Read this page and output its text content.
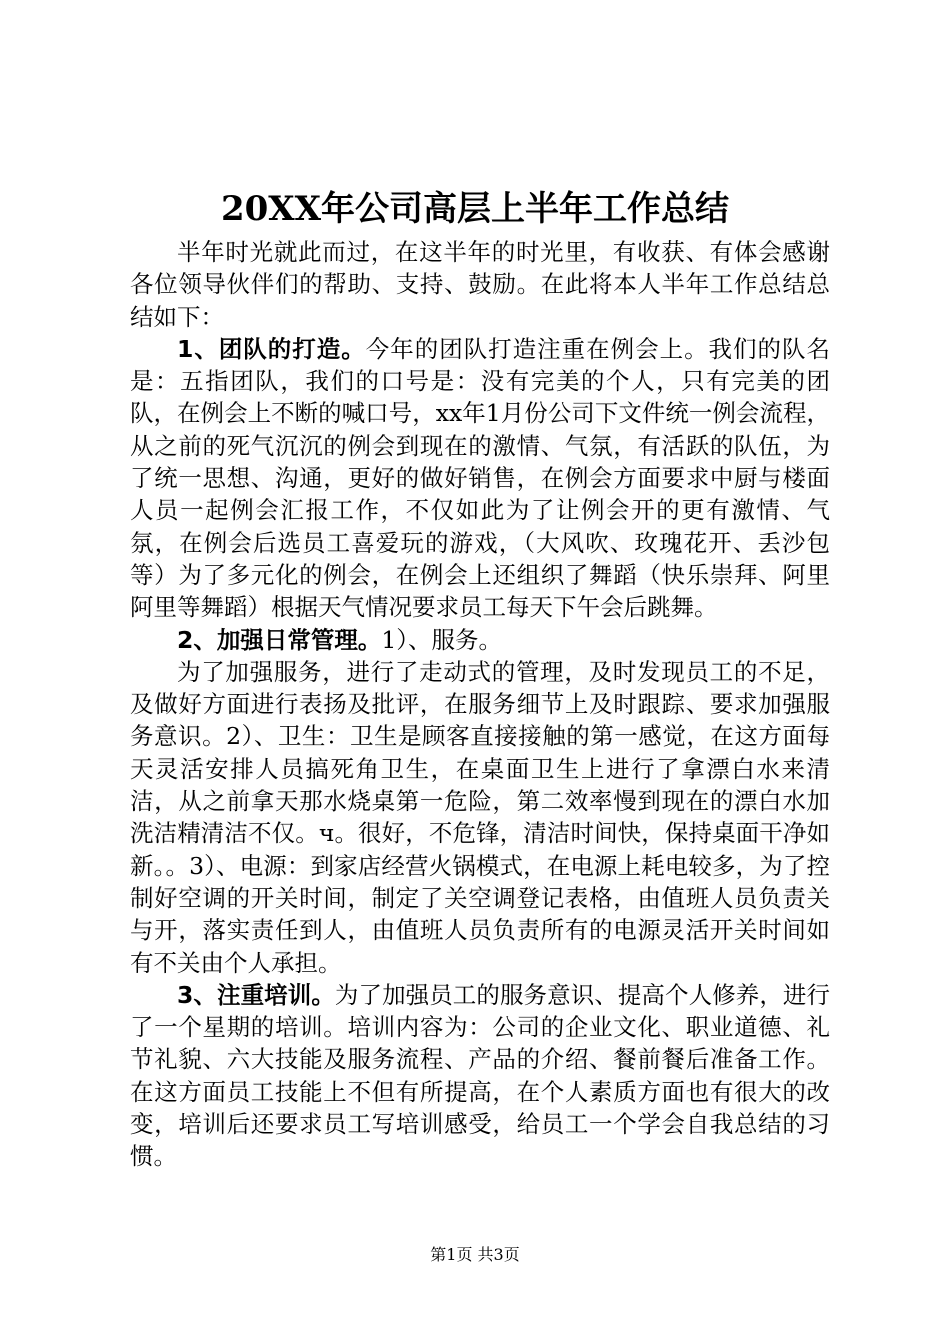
20XX年公司高层上半年工作总结

半年时光就此而过，在这半年的时光里，有收获、有体会感谢各位领导伙伴们的帮助、支持、鼓励。在此将本人半年工作总结总结如下：

1、团队的打造。今年的团队打造注重在例会上。我们的队名是：五指团队，我们的口号是：没有完美的个人，只有完美的团队，在例会上不断的喊口号，xx年1月份公司下文件统一例会流程，从之前的死气沉沉的例会到现在的激情、气氛，有活跃的队伍，为了统一思想、沟通，更好的做好销售，在例会方面要求中厨与楼面人员一起例会汇报工作，不仅如此为了让例会开的更有激情、气氛，在例会后选员工喜爱玩的游戏，（大风吹、玫瑰花开、丢沙包等）为了多元化的例会，在例会上还组织了舞蹈（快乐崇拜、阿里阿里等舞蹈）根据天气情况要求员工每天下午会后跳舞。

2、加强日常管理。1）、服务。

为了加强服务，进行了走动式的管理，及时发现员工的不足，及做好方面进行表扬及批评，在服务细节上及时跟踪、要求加强服务意识。2）、卫生：卫生是顾客直接接触的第一感觉，在这方面每天灵活安排人员搞死角卫生，在桌面卫生上进行了拿漂白水来清洁，从之前拿天那水烧桌第一危险，第二效率慢到现在的漂白水加洗洁精清洁不仅。ч。很好，不危锋，清洁时间快，保持桌面干净如新。。3）、电源：到家店经营火锅模式，在电源上耗电较多，为了控制好空调的开关时间，制定了关空调登记表格，由值班人员负责关与开，落实责任到人，由值班人员负责所有的电源灵活开关时间如有不关由个人承担。

3、注重培训。为了加强员工的服务意识、提高个人修养，进行了一个星期的培训。培训内容为：公司的企业文化、职业道德、礼节礼貌、六大技能及服务流程、产品的介绍、餐前餐后准备工作。在这方面员工技能上不但有所提高，在个人素质方面也有很大的改变，培训后还要求员工写培训感受，给员工一个学会自我总结的习惯。

第1页 共3页
